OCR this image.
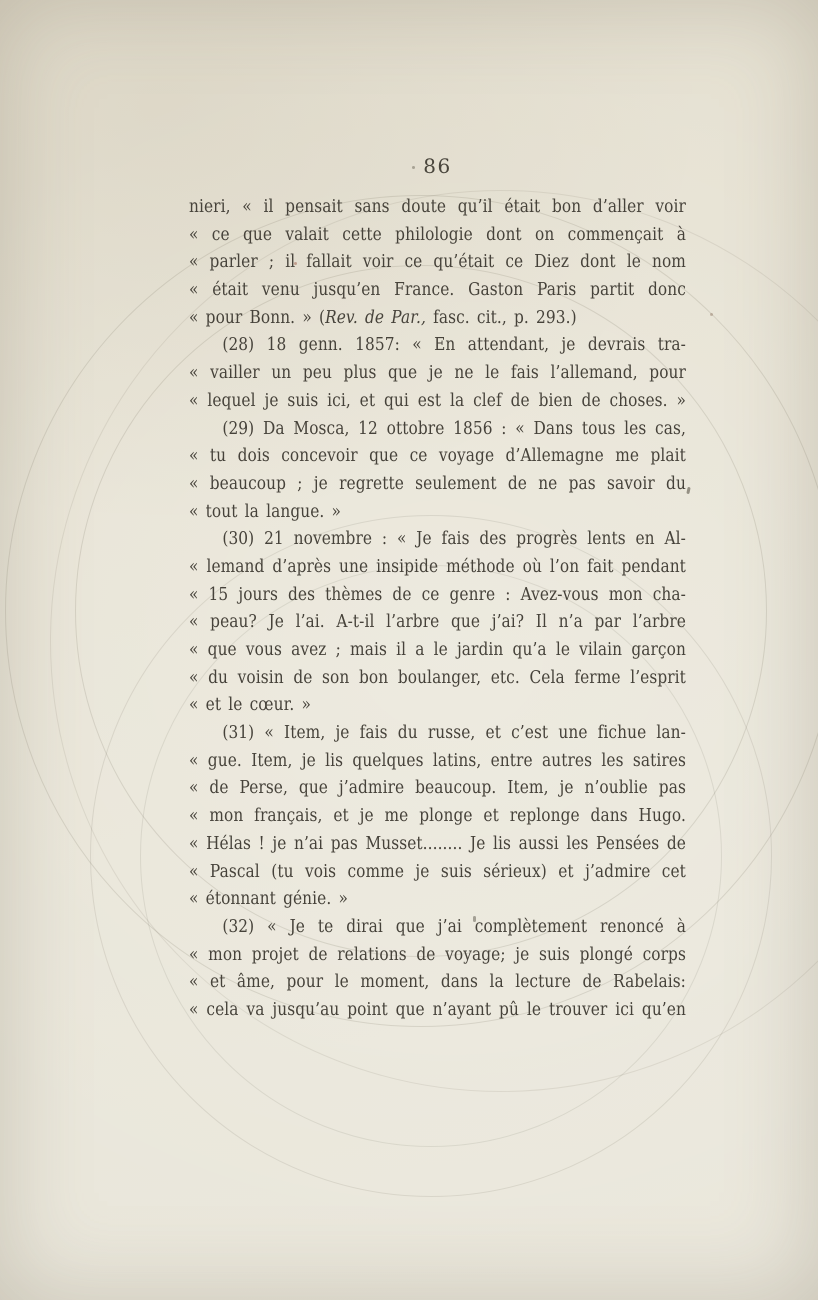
86
nieri, « il pensait sans doute qu’il était bon d’aller voir
« ce que valait cette philologie dont on commençait à
« parler ; il fallait voir ce qu’était ce Diez dont le nom
« était venu jusqu’en France. Gaston Paris partit donc
« pour Bonn. » (Rev. de Par., fasc. cit., p. 293.)
(28) 18 genn. 1857: « En attendant, je devrais tra-
« vailler un peu plus que je ne le fais l’allemand, pour
« lequel je suis ici, et qui est la clef de bien de choses. »
(29) Da Mosca, 12 ottobre 1856 : « Dans tous les cas,
« tu dois concevoir que ce voyage d’Allemagne me plait
« beaucoup ; je regrette seulement de ne pas savoir du
« tout la langue. »
(30) 21 novembre : « Je fais des progrès lents en Al-
« lemand d’après une insipide méthode où l’on fait pendant
« 15 jours des thèmes de ce genre : Avez-vous mon cha-
« peau? Je l’ai. A-t-il l’arbre que j’ai? Il n’a par l’arbre
« que vous avez ; mais il a le jardin qu’a le vilain garçon
« du voisin de son bon boulanger, etc. Cela ferme l’esprit
« et le cœur. »
(31) « Item, je fais du russe, et c’est une fichue lan-
« gue. Item, je lis quelques latins, entre autres les satires
« de Perse, que j’admire beaucoup. Item, je n’oublie pas
« mon français, et je me plonge et replonge dans Hugo.
« Hélas ! je n’ai pas Musset........ Je lis aussi les Pensées de
« Pascal (tu vois comme je suis sérieux) et j’admire cet
« étonnant génie. »
(32) « Je te dirai que j’ai complètement renoncé à
« mon projet de relations de voyage; je suis plongé corps
« et âme, pour le moment, dans la lecture de Rabelais:
« cela va jusqu’au point que n’ayant pû le trouver ici qu’en
